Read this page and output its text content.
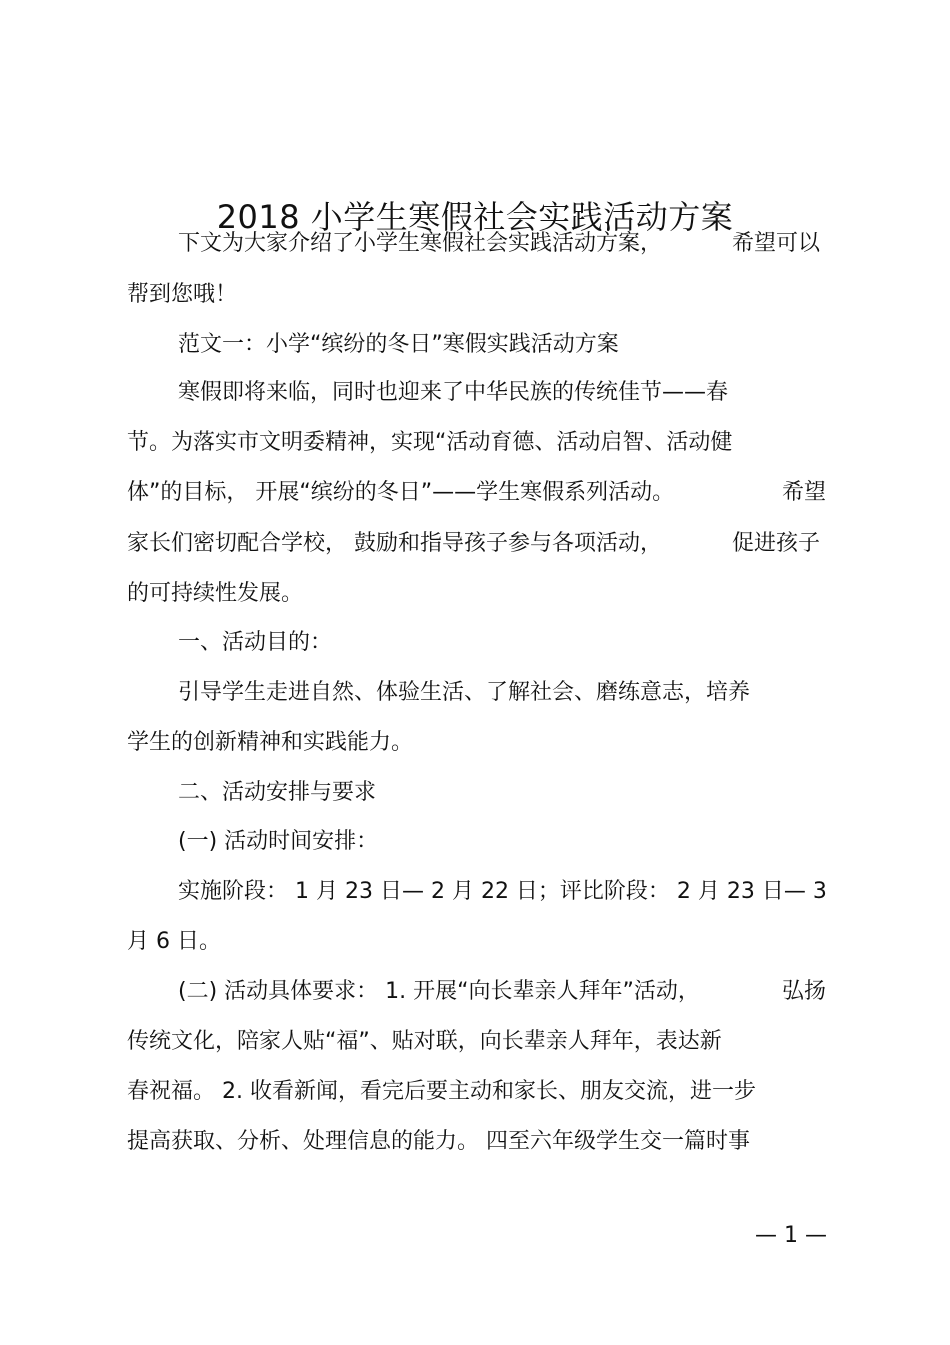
2018 小学生寒假社会实践活动方案
下文为大家介绍了小学生寒假社会实践活动方案，	希望可以
帮到您哦！
范文一：小学“缤纷的冬日”寒假实践活动方案
寒假即将来临，同时也迎来了中华民族的传统佳节——春
节。为落实市文明委精神，实现“活动育德、活动启智、活动健
体”的目标， 开展“缤纷的冬日”——学生寒假系列活动。	希望
家长们密切配合学校， 鼓励和指导孩子参与各项活动，	促进孩子
的可持续性发展。
一、活动目的：
引导学生走进自然、体验生活、了解社会、磨练意志，培养
学生的创新精神和实践能力。
二、活动安排与要求
(一) 活动时间安排：
实施阶段： 1 月 23 日— 2 月 22 日；评比阶段： 2 月 23 日— 3
月 6 日。
(二) 活动具体要求： 1. 开展“向长辈亲人拜年”活动，	弘扬
传统文化，陪家人贴“福”、贴对联，向长辈亲人拜年，表达新
春祝福。 2. 收看新闻，看完后要主动和家长、朋友交流，进一步
提高获取、分析、处理信息的能力。 四至六年级学生交一篇时事
— 1 —
